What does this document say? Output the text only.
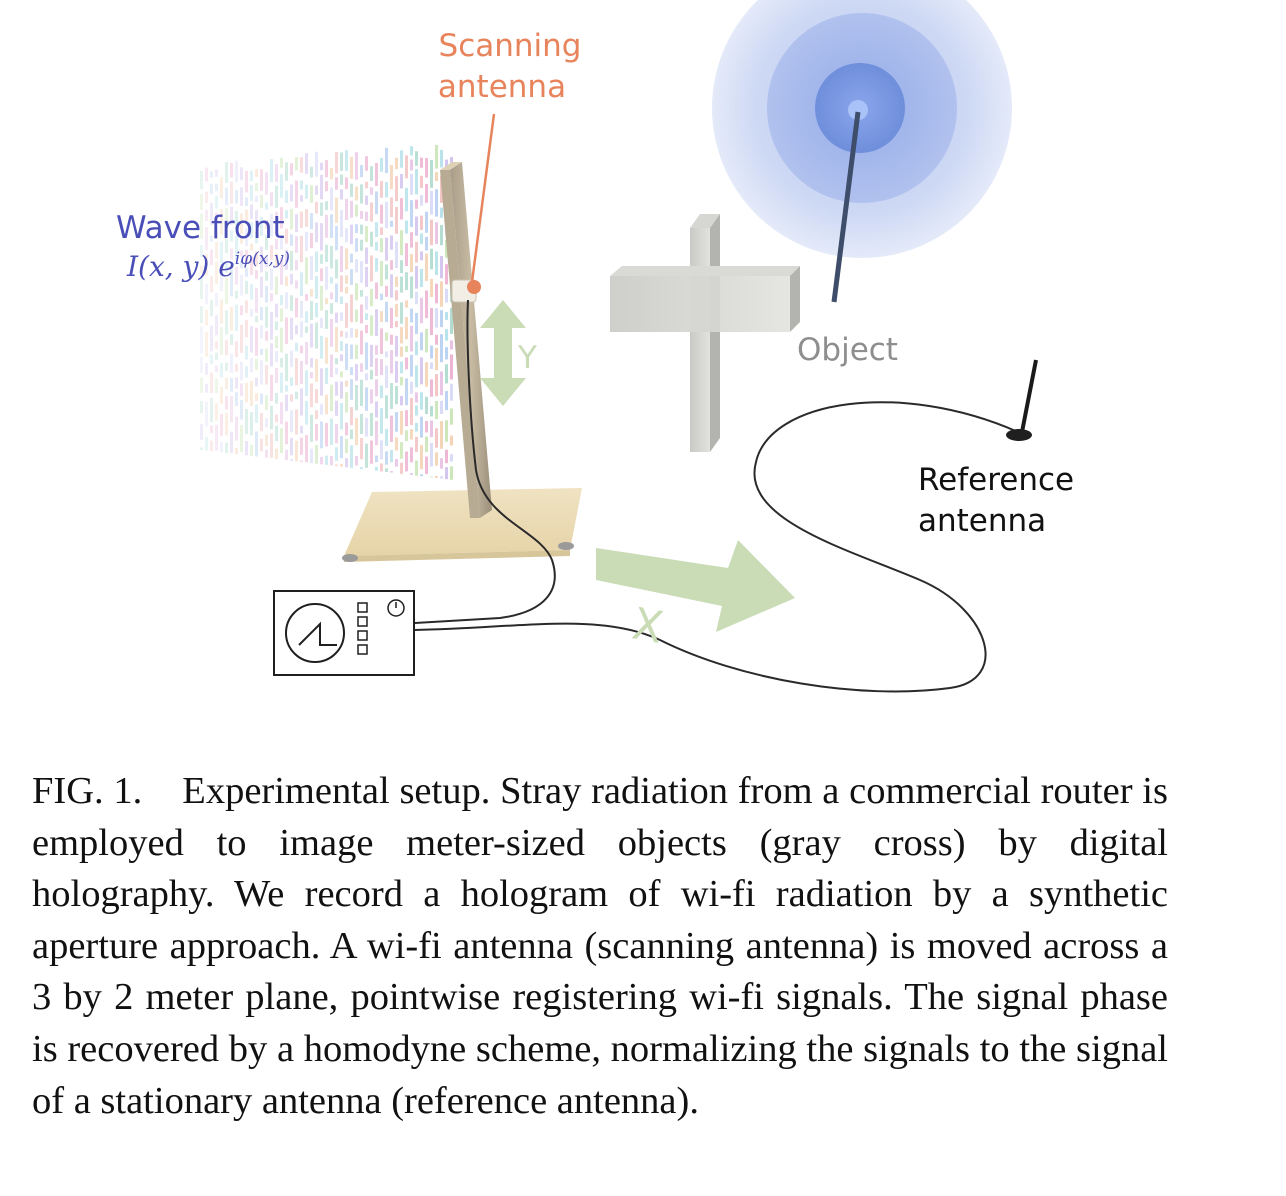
Scanning
antenna
Wave front
I(x, y) $e^{i\varphi(x,y)}$
Y
X
Object
Reference
antenna

FIG. 1. Experimental setup. Stray radiation from a commercial router is employed to image meter-sized objects (gray cross) by digital holography. We record a hologram of wi-fi radiation by a synthetic aperture approach. A wi-fi antenna (scanning antenna) is moved across a 3 by 2 meter plane, pointwise registering wi-fi signals. The signal phase is recovered by a homodyne scheme, normalizing the signals to the signal of a stationary antenna (reference antenna).
